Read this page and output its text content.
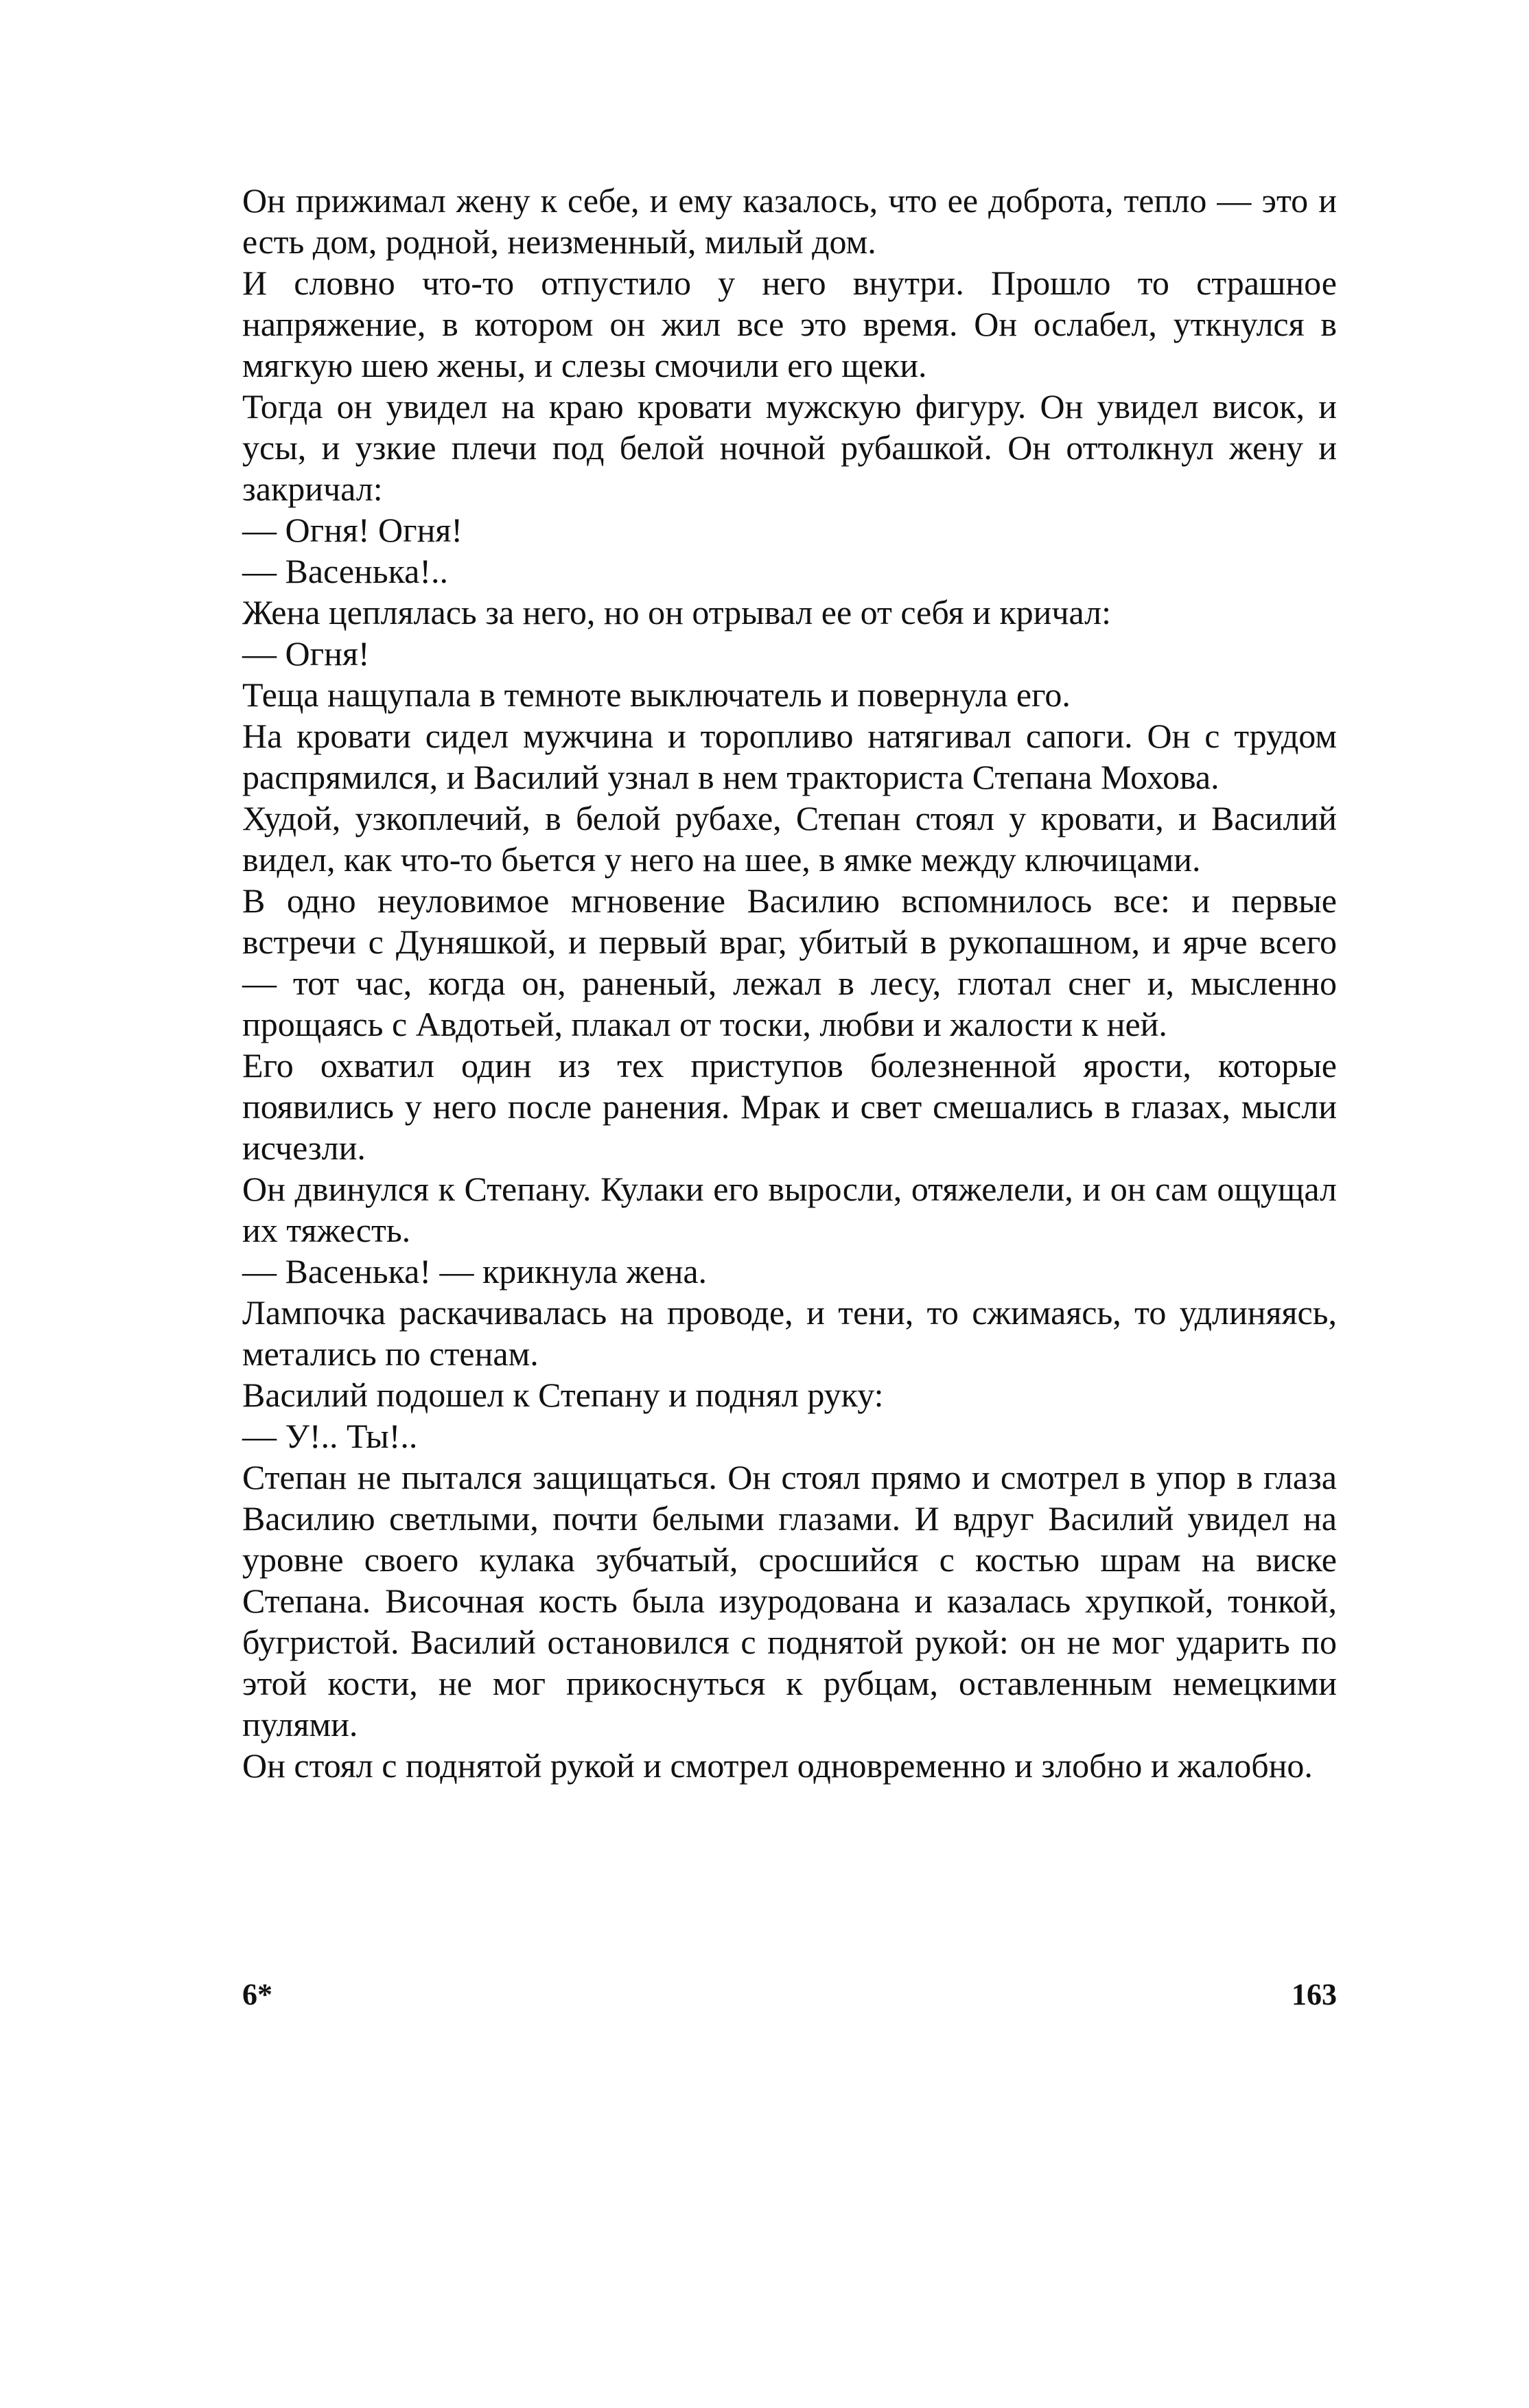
Он прижимал жену к себе, и ему казалось, что ее доброта, тепло — это и есть дом, родной, неизменный, милый дом.

И словно что-то отпустило у него внутри. Прошло то страшное напряжение, в котором он жил все это время. Он ослабел, уткнулся в мягкую шею жены, и слезы смочили его щеки.

Тогда он увидел на краю кровати мужскую фигуру. Он увидел висок, и усы, и узкие плечи под белой ночной рубашкой. Он оттолкнул жену и закричал:

— Огня! Огня!

— Васенька!..

Жена цеплялась за него, но он отрывал ее от себя и кричал:

— Огня!

Теща нащупала в темноте выключатель и повернула его.

На кровати сидел мужчина и торопливо натягивал сапоги. Он с трудом распрямился, и Василий узнал в нем тракториста Степана Мохова.

Худой, узкоплечий, в белой рубахе, Степан стоял у кровати, и Василий видел, как что-то бьется у него на шее, в ямке между ключицами.

В одно неуловимое мгновение Василию вспомнилось все: и первые встречи с Дуняшкой, и первый враг, убитый в рукопашном, и ярче всего — тот час, когда он, раненый, лежал в лесу, глотал снег и, мысленно прощаясь с Авдотьей, плакал от тоски, любви и жалости к ней.

Его охватил один из тех приступов болезненной ярости, которые появились у него после ранения. Мрак и свет смешались в глазах, мысли исчезли.

Он двинулся к Степану. Кулаки его выросли, отяжелели, и он сам ощущал их тяжесть.

— Васенька! — крикнула жена.

Лампочка раскачивалась на проводе, и тени, то сжимаясь, то удлиняясь, метались по стенам.

Василий подошел к Степану и поднял руку:

— У!.. Ты!..

Степан не пытался защищаться. Он стоял прямо и смотрел в упор в глаза Василию светлыми, почти белыми глазами. И вдруг Василий увидел на уровне своего кулака зубчатый, сросшийся с костью шрам на виске Степана. Височная кость была изуродована и казалась хрупкой, тонкой, бугристой. Василий остановился с поднятой рукой: он не мог ударить по этой кости, не мог прикоснуться к рубцам, оставленным немецкими пулями.

Он стоял с поднятой рукой и смотрел одновременно и злобно и жалобно.

6*	163
